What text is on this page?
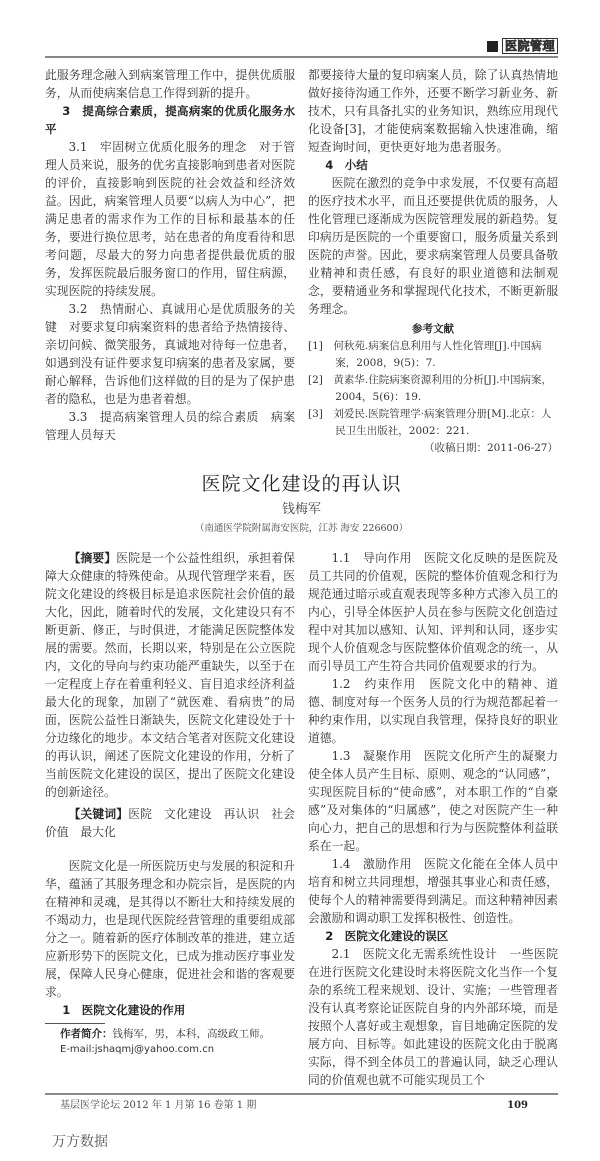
医院管理

此服务理念融入到病案管理工作中，提供优质服务，从而使病案信息工作得到新的提升。

3　提高综合素质，提高病案的优质化服务水平

3.1　牢固树立优质化服务的理念　对于管理人员来说，服务的优劣直接影响到患者对医院的评价，直接影响到医院的社会效益和经济效益。因此，病案管理人员要“以病人为中心”，把满足患者的需求作为工作的目标和最基本的任务，要进行换位思考，站在患者的角度看待和思考问题，尽最大的努力向患者提供最优质的服务，发挥医院最后服务窗口的作用，留住病源，实现医院的持续发展。

3.2　热情耐心、真诚用心是优质服务的关键　对要求复印病案资料的患者给予热情接待、亲切问候、微笑服务，真诚地对待每一位患者，如遇到没有证件要求复印病案的患者及家属，要耐心解释，告诉他们这样做的目的是为了保护患者的隐私，也是为患者着想。

3.3　提高病案管理人员的综合素质　病案管理人员每天

都要接待大量的复印病案人员，除了认真热情地做好接待沟通工作外，还要不断学习新业务、新技术，只有具备扎实的业务知识，熟练应用现代化设备[3]，才能使病案数据输入快速准确，缩短查询时间，更快更好地为患者服务。

4　小结

医院在激烈的竞争中求发展，不仅要有高超的医疗技术水平，而且还要提供优质的服务，人性化管理已逐渐成为医院管理发展的新趋势。复印病历是医院的一个重要窗口，服务质量关系到医院的声誉。因此，要求病案管理人员要具备敬业精神和责任感，有良好的职业道德和法制观念，要精通业务和掌握现代化技术，不断更新服务理念。

参考文献

[1]　何秋苑.病案信息利用与人性化管理[J].中国病案，2008，9(5)：7.

[2]　黄素华.住院病案资源利用的分析[J].中国病案，2004，5(6)：19.

[3]　刘爱民.医院管理学·病案管理分册[M].北京：人民卫生出版社，2002：221.

（收稿日期：2011-06-27）
医院文化建设的再认识
钱梅军
（南通医学院附属海安医院，江苏 海安 226600）

【摘要】医院是一个公益性组织，承担着保障大众健康的特殊使命。从现代管理学来看，医院文化建设的终极目标是追求医院社会价值的最大化，因此，随着时代的发展，文化建设只有不断更新、修正，与时俱进，才能满足医院整体发展的需要。然而，长期以来，特别是在公立医院内，文化的导向与约束功能严重缺失，以至于在一定程度上存在着重利轻义、盲目追求经济利益最大化的现象，加剧了“就医难、看病贵”的局面，医院公益性日渐缺失，医院文化建设处于十分边缘化的地步。本文结合笔者对医院文化建设的再认识，阐述了医院文化建设的作用，分析了当前医院文化建设的误区，提出了医院文化建设的创新途径。

【关键词】医院　文化建设　再认识　社会价值　最大化

医院文化是一所医院历史与发展的积淀和升华，蕴涵了其服务理念和办院宗旨，是医院的内在精神和灵魂，是其得以不断壮大和持续发展的不竭动力，也是现代医院经营管理的重要组成部分之一。随着新的医疗体制改革的推进，建立适应新形势下的医院文化，已成为推动医疗事业发展，保障人民身心健康，促进社会和谐的客观要求。

1　医院文化建设的作用

作者简介：钱梅军，男，本科，高级政工师。
E-mail:jshaqmj@yahoo.com.cn

1.1　导向作用　医院文化反映的是医院及员工共同的价值观，医院的整体价值观念和行为规范通过暗示或直观表现等多种方式渗入员工的内心，引导全体医护人员在参与医院文化创造过程中对其加以感知、认知、评判和认同，逐步实现个人价值观念与医院整体价值观念的统一，从而引导员工产生符合共同价值观要求的行为。

1.2　约束作用　医院文化中的精神、道德、制度对每一个医务人员的行为规范都起着一种约束作用，以实现自我管理，保持良好的职业道德。

1.3　凝聚作用　医院文化所产生的凝聚力使全体人员产生目标、原则、观念的“认同感”，实现医院目标的“使命感”，对本职工作的“自豪感”及对集体的“归属感”，使之对医院产生一种向心力，把自己的思想和行为与医院整体利益联系在一起。

1.4　激励作用　医院文化能在全体人员中培育和树立共同理想，增强其事业心和责任感，使每个人的精神需要得到满足。而这种精神因素会激励和调动职工发挥积极性、创造性。

2　医院文化建设的误区

2.1　医院文化无需系统性设计　一些医院在进行医院文化建设时未将医院文化当作一个复杂的系统工程来规划、设计、实施；一些管理者没有认真考察论证医院自身的内外部环境，而是按照个人喜好或主观想象，盲目地确定医院的发展方向、目标等。如此建设的医院文化由于脱离实际，得不到全体员工的普遍认同，缺乏心理认同的价值观也就不可能实现员工个

基层医学论坛 2012 年 1 月第 16 卷第 1 期	109
万方数据
